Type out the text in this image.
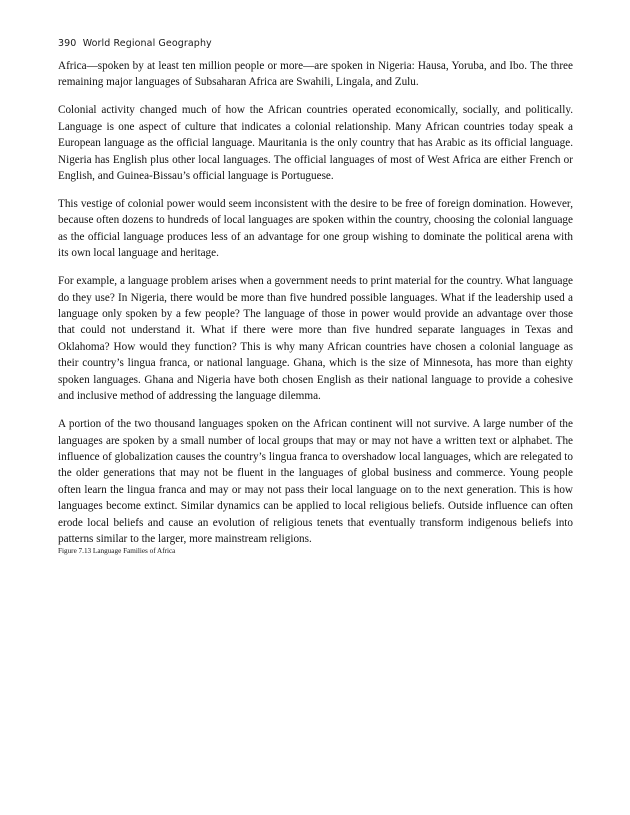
390 World Regional Geography

Africa—spoken by at least ten million people or more—are spoken in Nigeria: Hausa, Yoruba, and Ibo. The three remaining major languages of Subsaharan Africa are Swahili, Lingala, and Zulu.

Colonial activity changed much of how the African countries operated economically, socially, and politically. Language is one aspect of culture that indicates a colonial relationship. Many African countries today speak a European language as the official language. Mauritania is the only country that has Arabic as its official language. Nigeria has English plus other local languages. The official languages of most of West Africa are either French or English, and Guinea-Bissau’s official language is Portuguese.

This vestige of colonial power would seem inconsistent with the desire to be free of foreign domination. However, because often dozens to hundreds of local languages are spoken within the country, choosing the colonial language as the official language produces less of an advantage for one group wishing to dominate the political arena with its own local language and heritage.

For example, a language problem arises when a government needs to print material for the country. What language do they use? In Nigeria, there would be more than five hundred possible languages. What if the leadership used a language only spoken by a few people? The language of those in power would provide an advantage over those that could not understand it. What if there were more than five hundred separate languages in Texas and Oklahoma? How would they function? This is why many African countries have chosen a colonial language as their country’s lingua franca, or national language. Ghana, which is the size of Minnesota, has more than eighty spoken languages. Ghana and Nigeria have both chosen English as their national language to provide a cohesive and inclusive method of addressing the language dilemma.

A portion of the two thousand languages spoken on the African continent will not survive. A large number of the languages are spoken by a small number of local groups that may or may not have a written text or alphabet. The influence of globalization causes the country’s lingua franca to overshadow local languages, which are relegated to the older generations that may not be fluent in the languages of global business and commerce. Young people often learn the lingua franca and may or may not pass their local language on to the next generation. This is how languages become extinct. Similar dynamics can be applied to local religious beliefs. Outside influence can often erode local beliefs and cause an evolution of religious tenets that eventually transform indigenous beliefs into patterns similar to the larger, more mainstream religions.

Figure 7.13 Language Families of Africa
